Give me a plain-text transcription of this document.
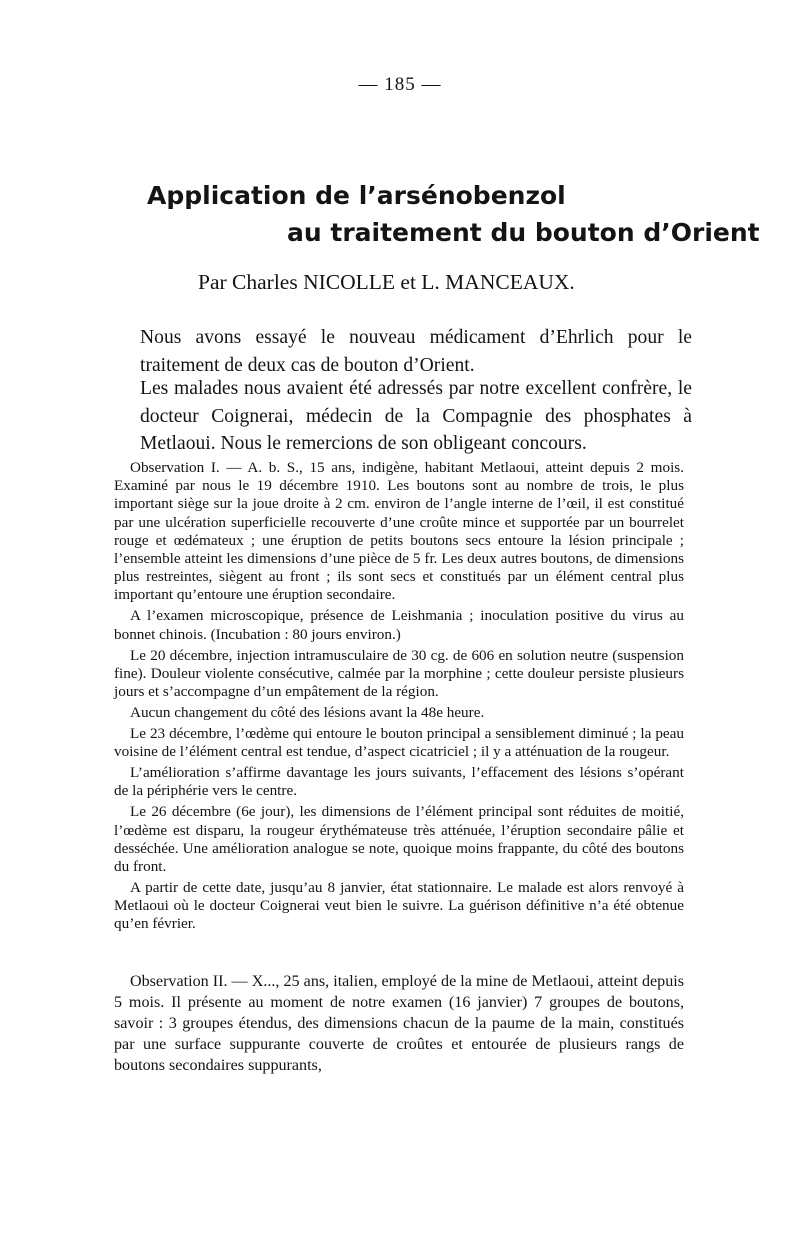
— 185 —
Application de l’arsénobenzol
au traitement du bouton d’Orient
Par Charles NICOLLE et L. MANCEAUX.

Nous avons essayé le nouveau médicament d’Ehrlich pour le traitement de deux cas de bouton d’Orient.

Les malades nous avaient été adressés par notre excellent confrère, le docteur Coignerai, médecin de la Compagnie des phosphates à Metlaoui. Nous le remercions de son obligeant concours.

Observation I. — A. b. S., 15 ans, indigène, habitant Metlaoui, atteint depuis 2 mois. Examiné par nous le 19 décembre 1910. Les boutons sont au nombre de trois, le plus important siège sur la joue droite à 2 cm. environ de l’angle interne de l’œil, il est constitué par une ulcération superficielle recouverte d’une croûte mince et supportée par un bourrelet rouge et œdémateux ; une éruption de petits boutons secs entoure la lésion principale ; l’ensemble atteint les dimensions d’une pièce de 5 fr. Les deux autres boutons, de dimensions plus restreintes, siègent au front ; ils sont secs et constitués par un élément central plus important qu’entoure une éruption secondaire.

A l’examen microscopique, présence de Leishmania ; inoculation positive du virus au bonnet chinois. (Incubation : 80 jours environ.)

Le 20 décembre, injection intramusculaire de 30 cg. de 606 en solution neutre (suspension fine). Douleur violente consécutive, calmée par la morphine ; cette douleur persiste plusieurs jours et s’accompagne d’un empâtement de la région.

Aucun changement du côté des lésions avant la 48e heure.

Le 23 décembre, l’œdème qui entoure le bouton principal a sensiblement diminué ; la peau voisine de l’élément central est tendue, d’aspect cicatriciel ; il y a atténuation de la rougeur.

L’amélioration s’affirme davantage les jours suivants, l’effacement des lésions s’opérant de la périphérie vers le centre.

Le 26 décembre (6e jour), les dimensions de l’élément principal sont réduites de moitié, l’œdème est disparu, la rougeur érythémateuse très atténuée, l’éruption secondaire pâlie et desséchée. Une amélioration analogue se note, quoique moins frappante, du côté des boutons du front.

A partir de cette date, jusqu’au 8 janvier, état stationnaire. Le malade est alors renvoyé à Metlaoui où le docteur Coignerai veut bien le suivre. La guérison définitive n’a été obtenue qu’en février.

Observation II. — X..., 25 ans, italien, employé de la mine de Metlaoui, atteint depuis 5 mois. Il présente au moment de notre examen (16 janvier) 7 groupes de boutons, savoir : 3 groupes étendus, des dimensions chacun de la paume de la main, constitués par une surface suppurante couverte de croûtes et entourée de plusieurs rangs de boutons secondaires suppurants,
